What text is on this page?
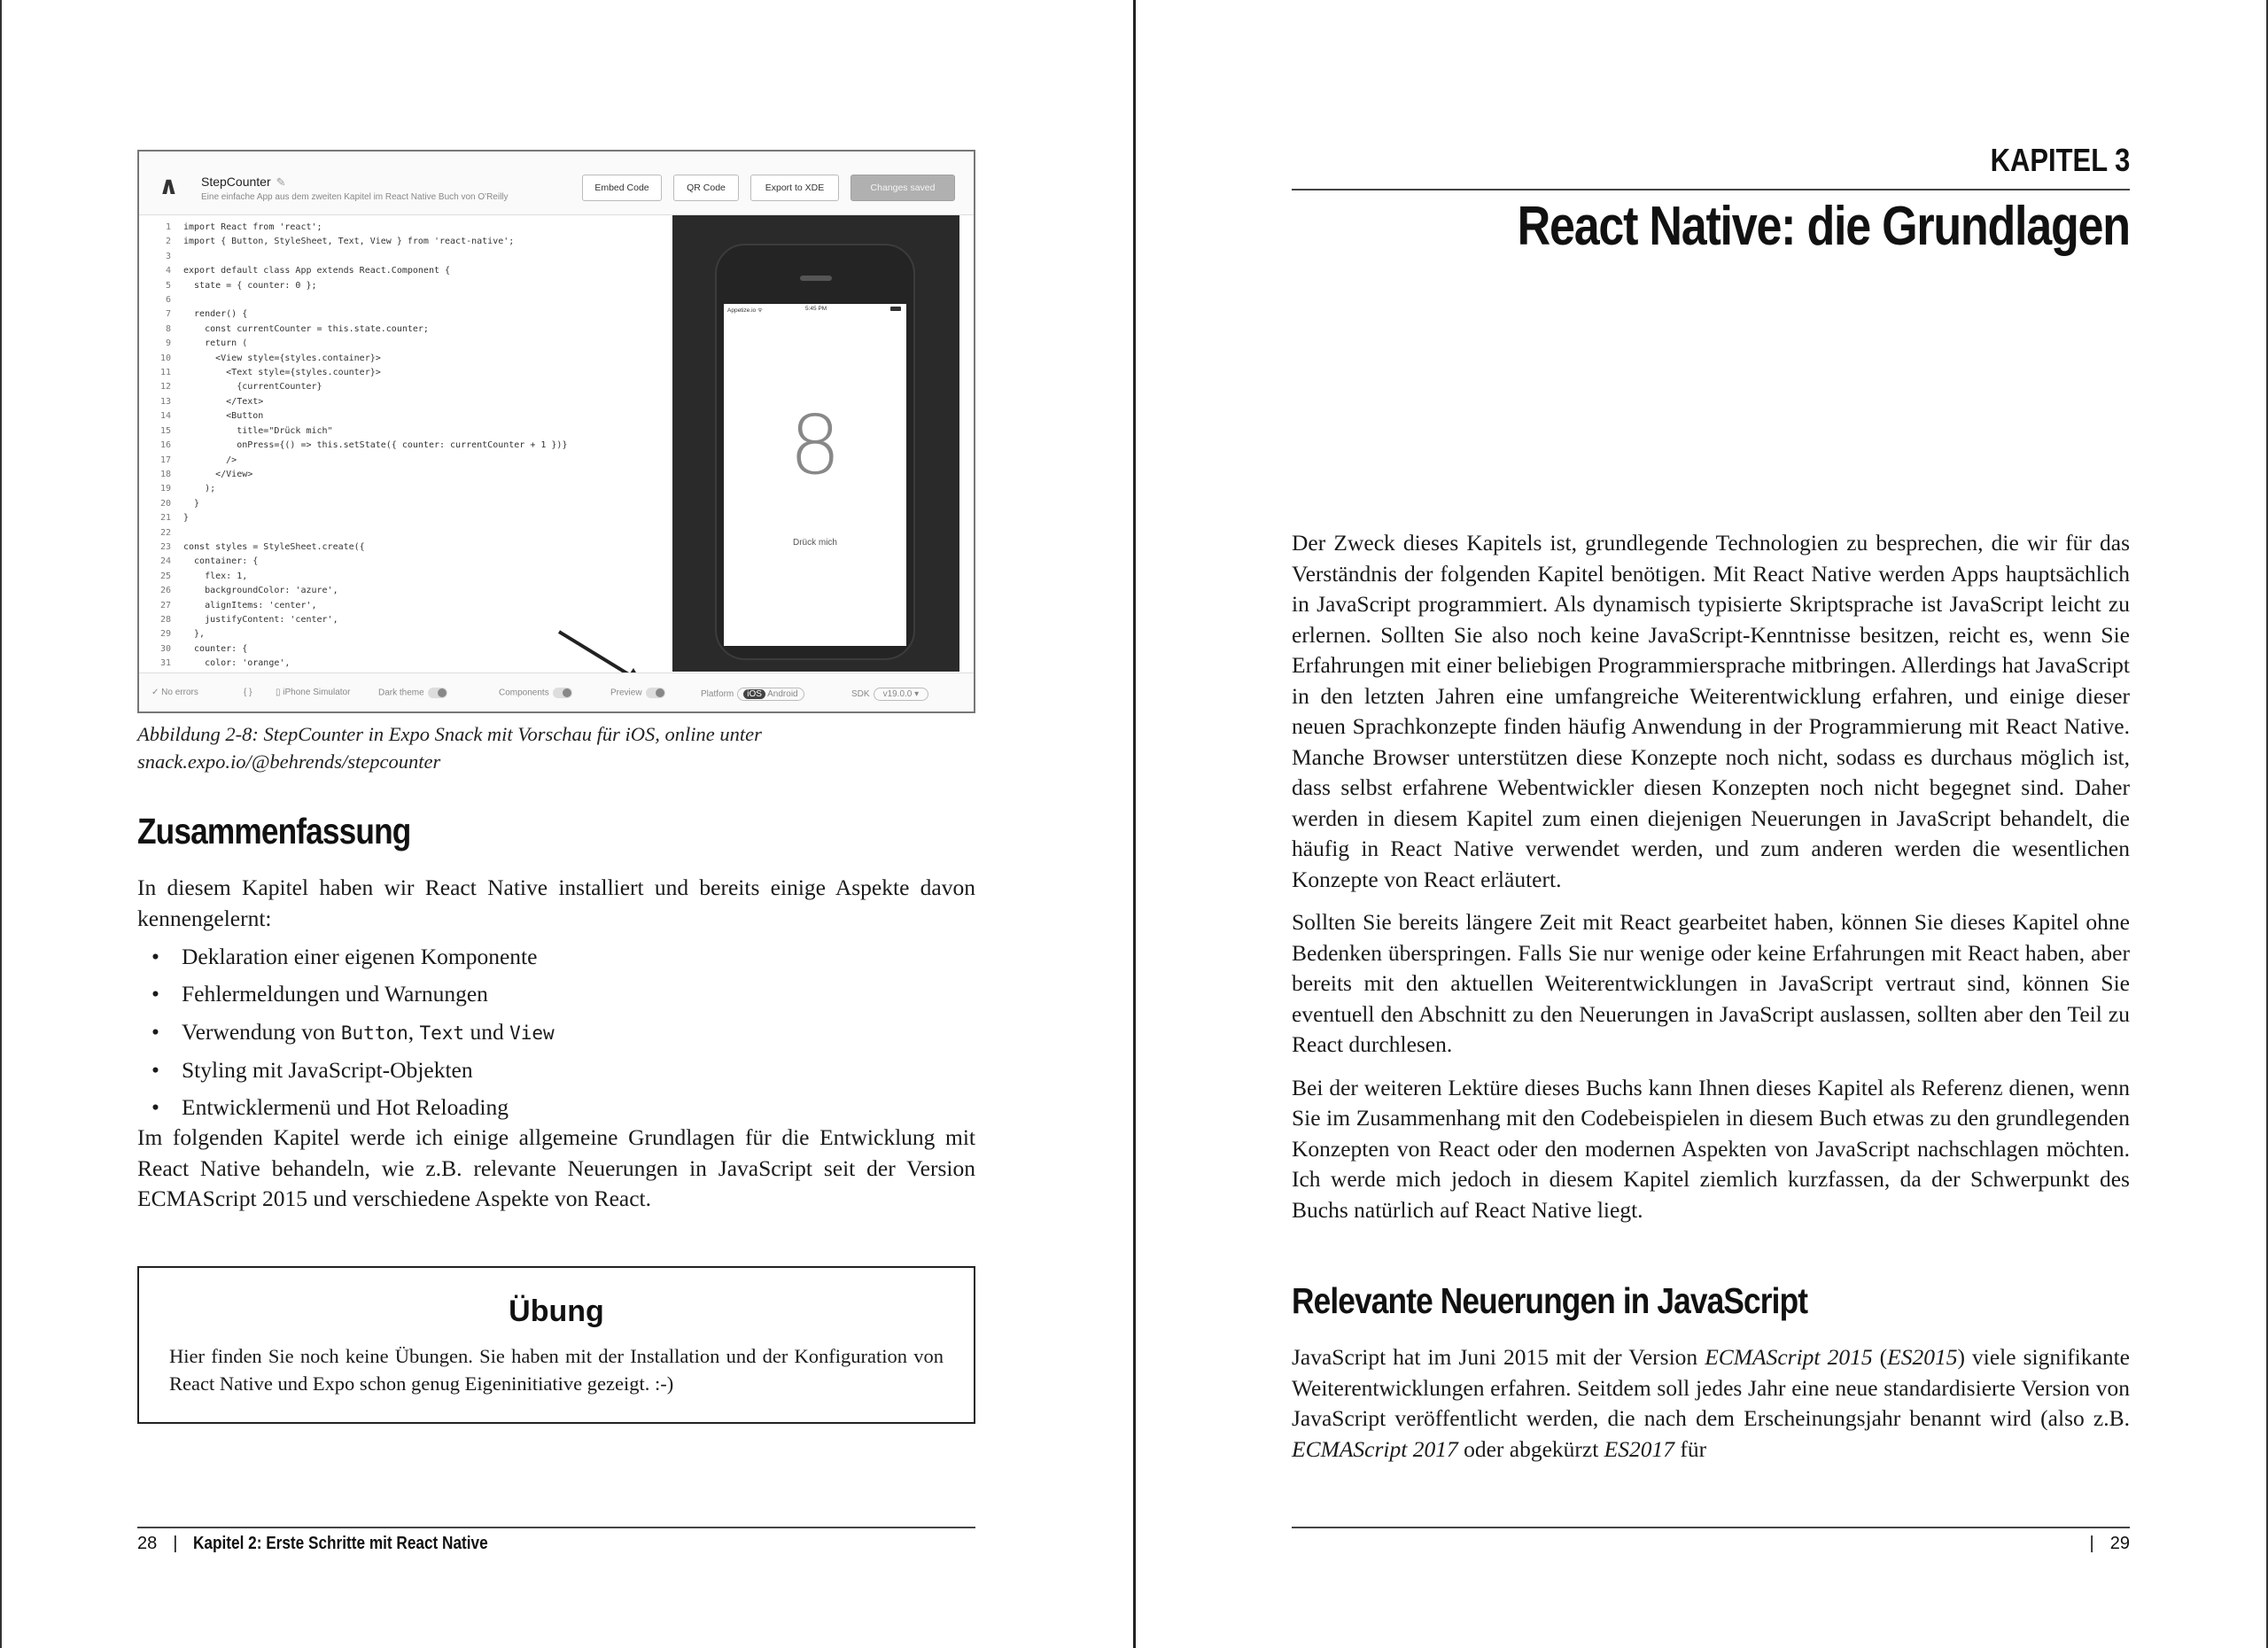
∧ StepCounter ✎
Eine einfache App aus dem zweiten Kapitel im React Native Buch von O'Reilly
Embed Code	QR Code	Export to XDE	Changes saved
1 import React from 'react';
2 import { Button, StyleSheet, Text, View } from 'react-native';
3
4 export default class App extends React.Component {
5  state = { counter: 0 };
6
7  render() {
8    const currentCounter = this.state.counter;
9    return (
10      <View style={styles.container}>
11        <Text style={styles.counter}>
12          {currentCounter}
13        </Text>
14        <Button
15          title="Drück mich"
16          onPress={() => this.setState({ counter: currentCounter + 1 })}
17        />
18      </View>
19    );
20  }
21 }
22
23 const styles = StyleSheet.create({
24  container: {
25    flex: 1,
26    backgroundColor: 'azure',
27    alignItems: 'center',
28    justifyContent: 'center',
29  },
30  counter: {
31    color: 'orange',
Appetize.io ᯤ	5:45 PM
8
Drück mich
✓ No errors	{ }	▯ iPhone Simulator	Dark theme	Components	Preview	Platform iOS Android	SDK v19.0.0 ▾
Abbildung 2-8: StepCounter in Expo Snack mit Vorschau für iOS, online unter snack.expo.io/@behrends/stepcounter
Zusammenfassung

In diesem Kapitel haben wir React Native installiert und bereits einige Aspekte davon kennengelernt:

• Deklaration einer eigenen Komponente
• Fehlermeldungen und Warnungen
• Verwendung von Button, Text und View
• Styling mit JavaScript-Objekten
• Entwicklermenü und Hot Reloading

Im folgenden Kapitel werde ich einige allgemeine Grundlagen für die Entwicklung mit React Native behandeln, wie z.B. relevante Neuerungen in JavaScript seit der Version ECMAScript 2015 und verschiedene Aspekte von React.

Übung
Hier finden Sie noch keine Übungen. Sie haben mit der Installation und der Konfiguration von React Native und Expo schon genug Eigeninitiative gezeigt. :-)
28 | Kapitel 2: Erste Schritte mit React Native
KAPITEL 3
React Native: die Grundlagen

Der Zweck dieses Kapitels ist, grundlegende Technologien zu besprechen, die wir für das Verständnis der folgenden Kapitel benötigen. Mit React Native werden Apps hauptsächlich in JavaScript programmiert. Als dynamisch typisierte Skriptsprache ist JavaScript leicht zu erlernen. Sollten Sie also noch keine JavaScript-Kenntnisse besitzen, reicht es, wenn Sie Erfahrungen mit einer beliebigen Programmiersprache mitbringen. Allerdings hat JavaScript in den letzten Jahren eine umfangreiche Weiterentwicklung erfahren, und einige dieser neuen Sprachkonzepte finden häufig Anwendung in der Programmierung mit React Native. Manche Browser unterstützen diese Konzepte noch nicht, sodass es durchaus möglich ist, dass selbst erfahrene Webentwickler diesen Konzepten noch nicht begegnet sind. Daher werden in diesem Kapitel zum einen diejenigen Neuerungen in JavaScript behandelt, die häufig in React Native verwendet werden, und zum anderen werden die wesentlichen Konzepte von React erläutert.

Sollten Sie bereits längere Zeit mit React gearbeitet haben, können Sie dieses Kapitel ohne Bedenken überspringen. Falls Sie nur wenige oder keine Erfahrungen mit React haben, aber bereits mit den aktuellen Weiterentwicklungen in JavaScript vertraut sind, können Sie eventuell den Abschnitt zu den Neuerungen in JavaScript auslassen, sollten aber den Teil zu React durchlesen.

Bei der weiteren Lektüre dieses Buchs kann Ihnen dieses Kapitel als Referenz dienen, wenn Sie im Zusammenhang mit den Codebeispielen in diesem Buch etwas zu den grundlegenden Konzepten von React oder den modernen Aspekten von JavaScript nachschlagen möchten. Ich werde mich jedoch in diesem Kapitel ziemlich kurzfassen, da der Schwerpunkt des Buchs natürlich auf React Native liegt.

Relevante Neuerungen in JavaScript

JavaScript hat im Juni 2015 mit der Version ECMAScript 2015 (ES2015) viele signifikante Weiterentwicklungen erfahren. Seitdem soll jedes Jahr eine neue standardisierte Version von JavaScript veröffentlicht werden, die nach dem Erscheinungsjahr benannt wird (also z.B. ECMAScript 2017 oder abgekürzt ES2017 für

| 29
